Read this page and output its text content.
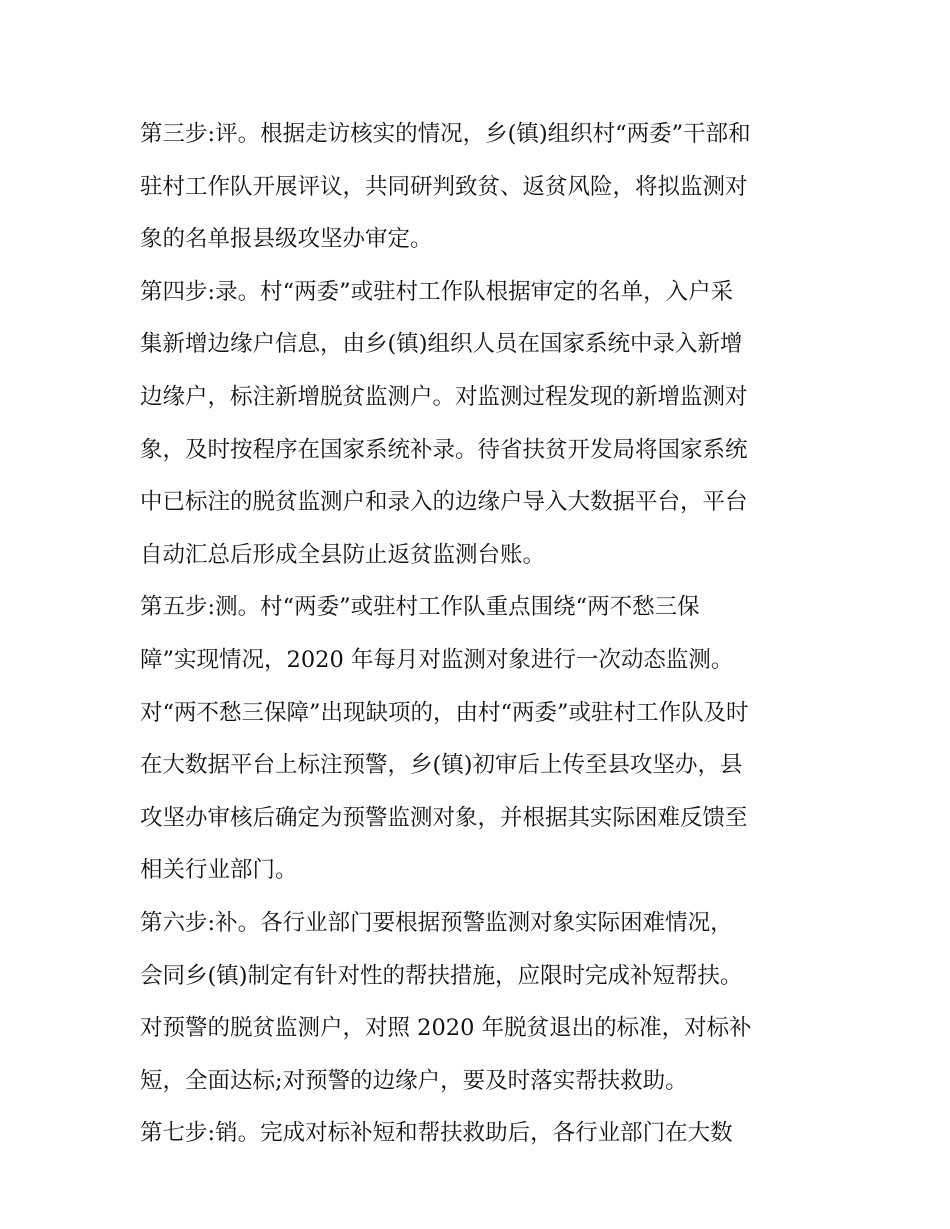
第三步:评。根据走访核实的情况，乡(镇)组织村“两委”干部和
驻村工作队开展评议，共同研判致贫、返贫风险，将拟监测对
象的名单报县级攻坚办审定。
第四步:录。村“两委”或驻村工作队根据审定的名单，入户采
集新增边缘户信息，由乡(镇)组织人员在国家系统中录入新增
边缘户，标注新增脱贫监测户。对监测过程发现的新增监测对
象，及时按程序在国家系统补录。待省扶贫开发局将国家系统
中已标注的脱贫监测户和录入的边缘户导入大数据平台，平台
自动汇总后形成全县防止返贫监测台账。
第五步:测。村“两委”或驻村工作队重点围绕“两不愁三保
障”实现情况，2020 年每月对监测对象进行一次动态监测。
对“两不愁三保障”出现缺项的，由村“两委”或驻村工作队及时
在大数据平台上标注预警，乡(镇)初审后上传至县攻坚办，县
攻坚办审核后确定为预警监测对象，并根据其实际困难反馈至
相关行业部门。
第六步:补。各行业部门要根据预警监测对象实际困难情况，
会同乡(镇)制定有针对性的帮扶措施，应限时完成补短帮扶。
对预警的脱贫监测户，对照 2020 年脱贫退出的标准，对标补
短，全面达标;对预警的边缘户，要及时落实帮扶救助。
第七步:销。完成对标补短和帮扶救助后，各行业部门在大数
